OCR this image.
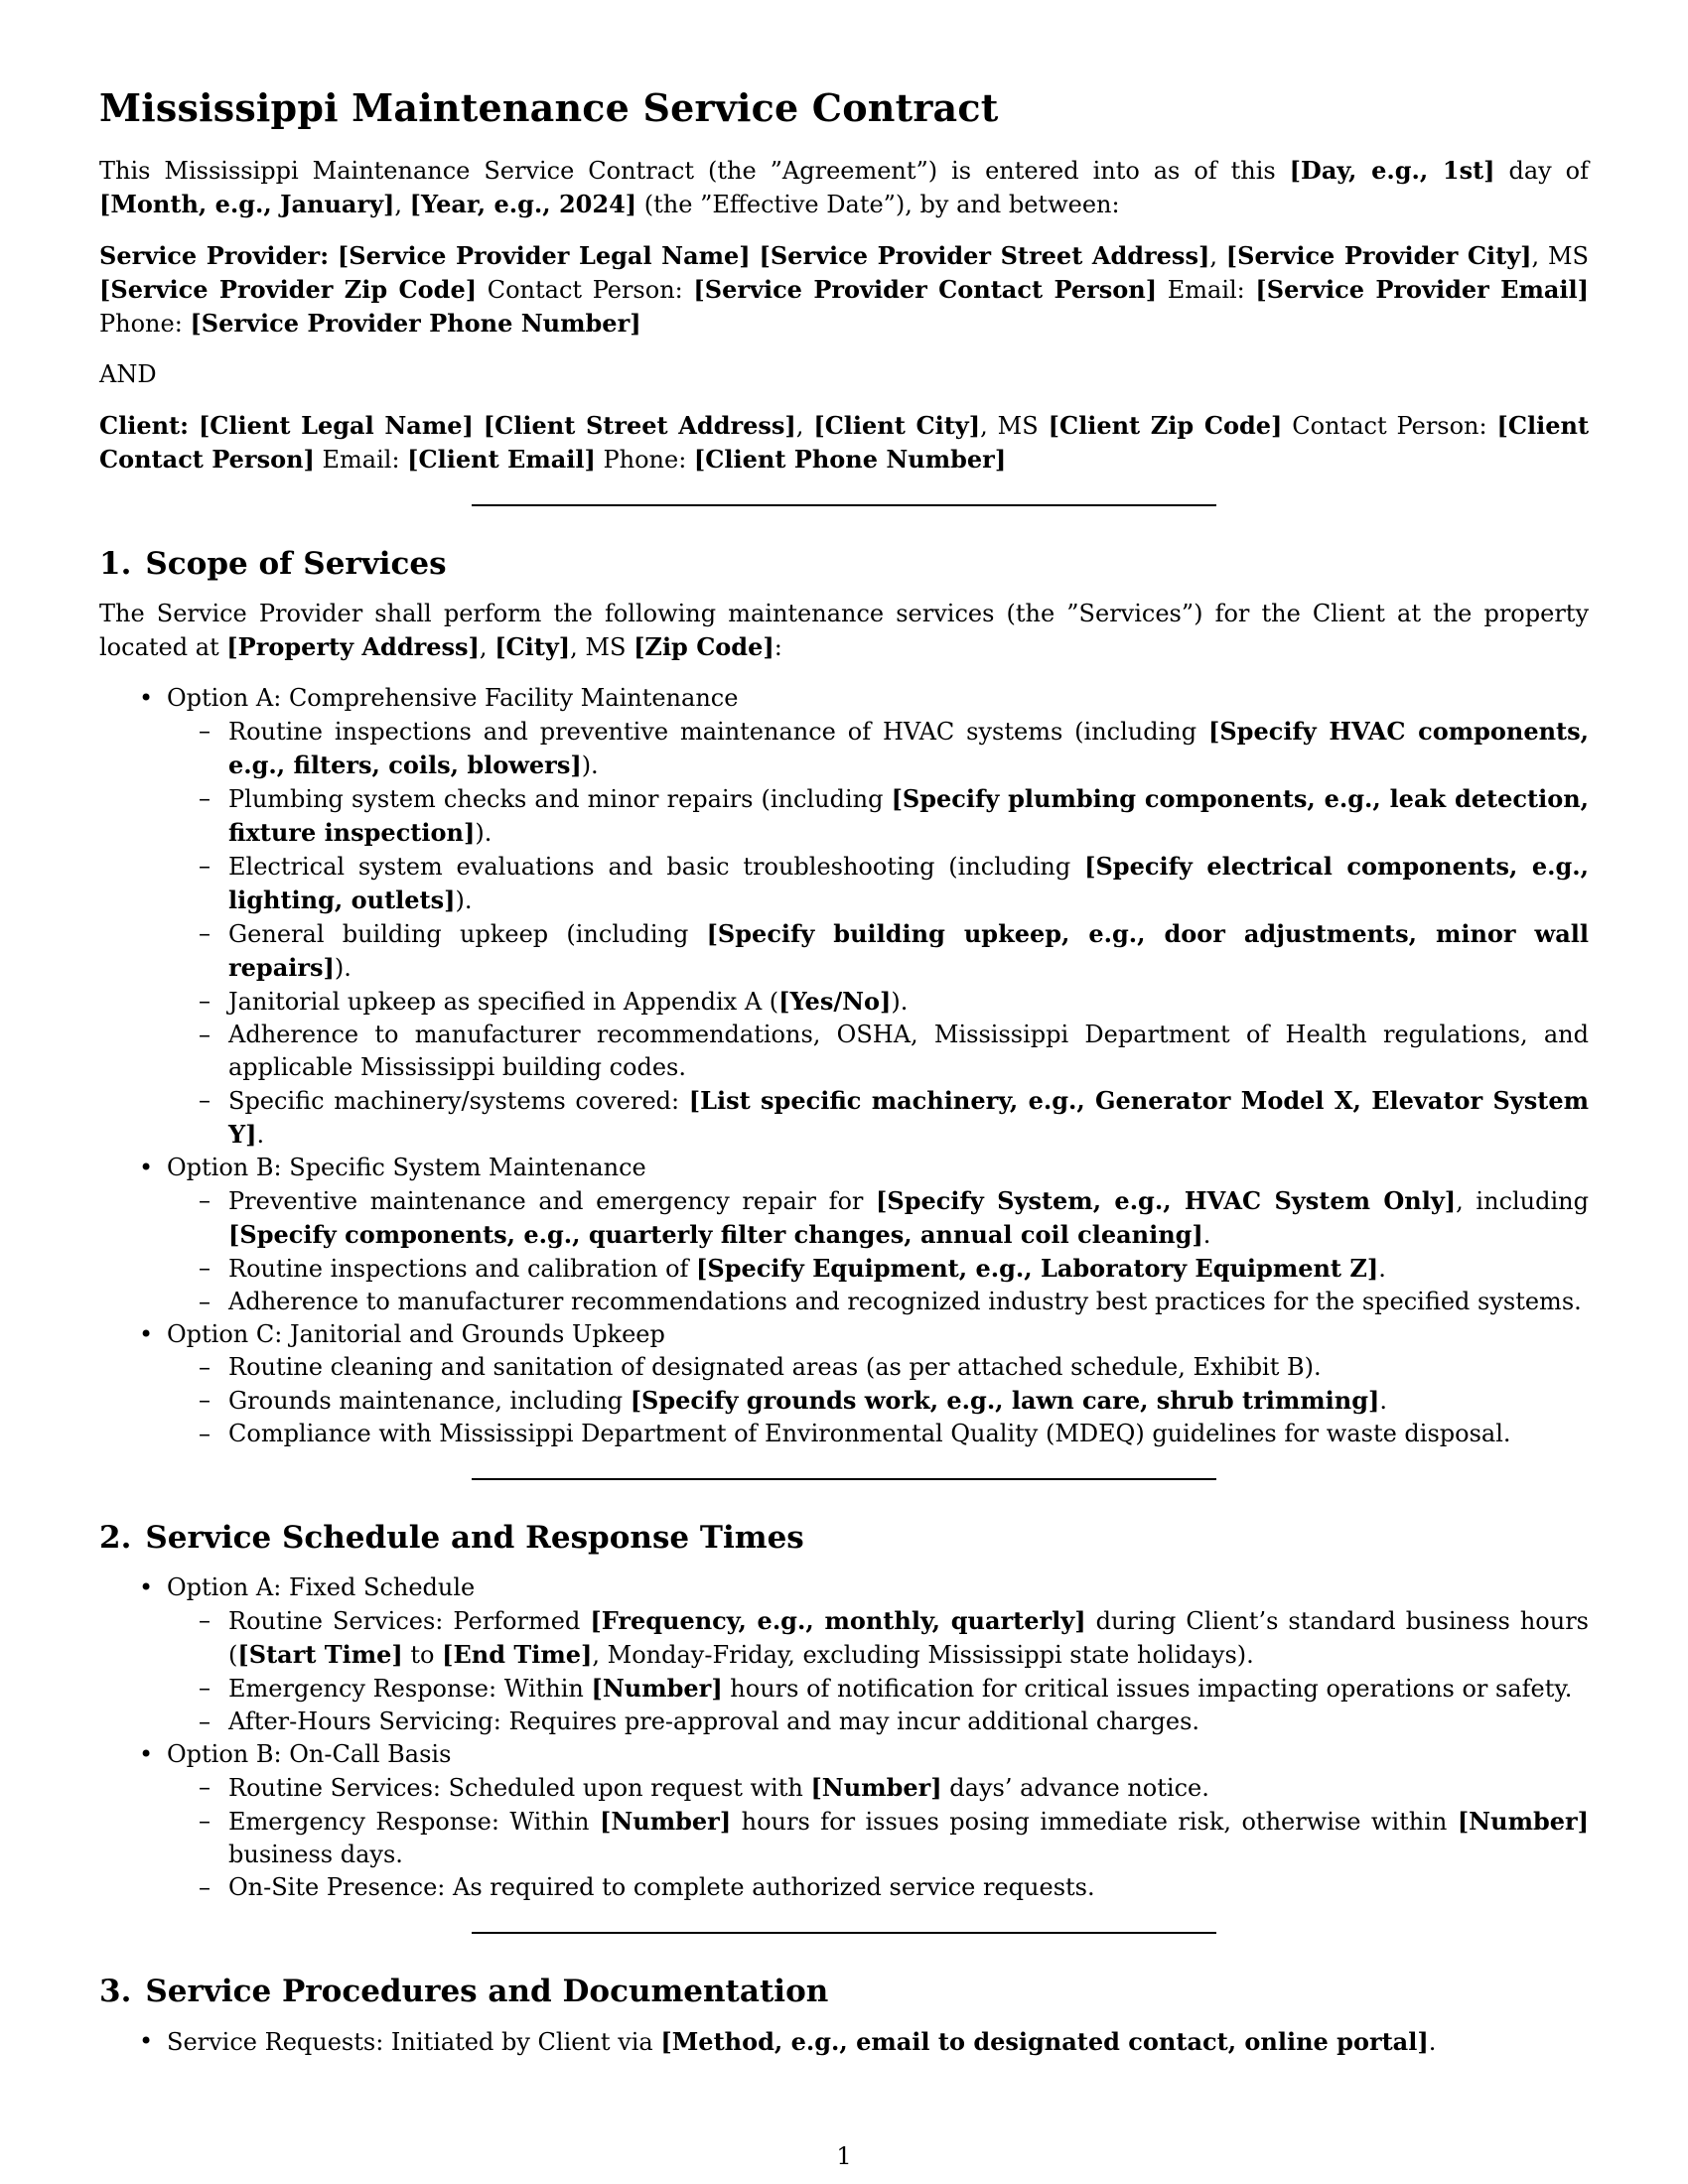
Mississippi Maintenance Service Contract

This Mississippi Maintenance Service Contract (the ”Agreement”) is entered into as of this [Day, e.g., 1st] day of [Month, e.g., January], [Year, e.g., 2024] (the ”Effective Date”), by and between:

Service Provider: [Service Provider Legal Name] [Service Provider Street Address], [Service Provider City], MS [Service Provider Zip Code] Contact Person: [Service Provider Contact Person] Email: [Service Provider Email] Phone: [Service Provider Phone Number]

AND

Client: [Client Legal Name] [Client Street Address], [Client City], MS [Client Zip Code] Contact Person: [Client Contact Person] Email: [Client Email] Phone: [Client Phone Number]

1. Scope of Services

The Service Provider shall perform the following maintenance services (the ”Services”) for the Client at the property located at [Property Address], [City], MS [Zip Code]:

• Option A: Comprehensive Facility Maintenance
– Routine inspections and preventive maintenance of HVAC systems (including [Specify HVAC components, e.g., filters, coils, blowers]).
– Plumbing system checks and minor repairs (including [Specify plumbing components, e.g., leak detection, fixture inspection]).
– Electrical system evaluations and basic troubleshooting (including [Specify electrical components, e.g., lighting, outlets]).
– General building upkeep (including [Specify building upkeep, e.g., door adjustments, minor wall repairs]).
– Janitorial upkeep as specified in Appendix A ([Yes/No]).
– Adherence to manufacturer recommendations, OSHA, Mississippi Department of Health regulations, and applicable Mississippi building codes.
– Specific machinery/systems covered: [List specific machinery, e.g., Generator Model X, Elevator System Y].
• Option B: Specific System Maintenance
– Preventive maintenance and emergency repair for [Specify System, e.g., HVAC System Only], including [Specify components, e.g., quarterly filter changes, annual coil cleaning].
– Routine inspections and calibration of [Specify Equipment, e.g., Laboratory Equipment Z].
– Adherence to manufacturer recommendations and recognized industry best practices for the specified systems.
• Option C: Janitorial and Grounds Upkeep
– Routine cleaning and sanitation of designated areas (as per attached schedule, Exhibit B).
– Grounds maintenance, including [Specify grounds work, e.g., lawn care, shrub trimming].
– Compliance with Mississippi Department of Environmental Quality (MDEQ) guidelines for waste disposal.
2. Service Schedule and Response Times
• Option A: Fixed Schedule
– Routine Services: Performed [Frequency, e.g., monthly, quarterly] during Client’s standard business hours ([Start Time] to [End Time], Monday-Friday, excluding Mississippi state holidays).
– Emergency Response: Within [Number] hours of notification for critical issues impacting operations or safety.
– After-Hours Servicing: Requires pre-approval and may incur additional charges.
• Option B: On-Call Basis
– Routine Services: Scheduled upon request with [Number] days’ advance notice.
– Emergency Response: Within [Number] hours for issues posing immediate risk, otherwise within [Number] business days.
– On-Site Presence: As required to complete authorized service requests.
3. Service Procedures and Documentation
• Service Requests: Initiated by Client via [Method, e.g., email to designated contact, online portal].
1
